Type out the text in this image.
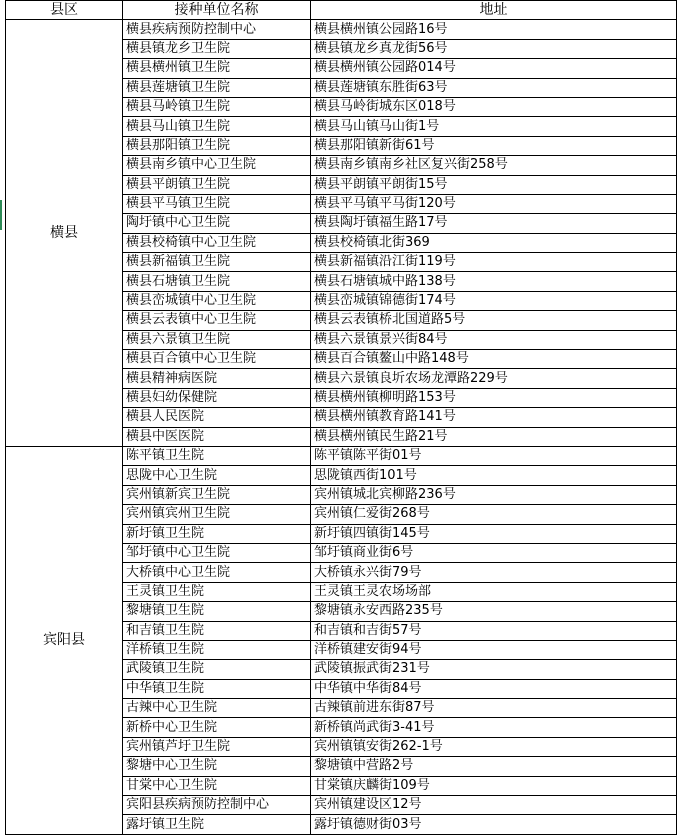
县区	接种单位名称	地址
横县	横县疾病预防控制中心	横县横州镇公园路16号
	横县镇龙乡卫生院	横县镇龙乡真龙街56号
	横县横州镇卫生院	横县横州镇公园路014号
	横县莲塘镇卫生院	横县莲塘镇东胜街63号
	横县马岭镇卫生院	横县马岭街城东区018号
	横县马山镇卫生院	横县马山镇马山街1号
	横县那阳镇卫生院	横县那阳镇新街61号
	横县南乡镇中心卫生院	横县南乡镇南乡社区复兴街258号
	横县平朗镇卫生院	横县平朗镇平朗街15号
	横县平马镇卫生院	横县平马镇平马街120号
	陶圩镇中心卫生院	横县陶圩镇福生路17号
	横县校椅镇中心卫生院	横县校椅镇北街369
	横县新福镇卫生院	横县新福镇沿江街119号
	横县石塘镇卫生院	横县石塘镇城中路138号
	横县峦城镇中心卫生院	横县峦城镇锦德街174号
	横县云表镇中心卫生院	横县云表镇桥北国道路5号
	横县六景镇卫生院	横县六景镇景兴街84号
	横县百合镇中心卫生院	横县百合镇鳌山中路148号
	横县精神病医院	横县六景镇良圻农场龙潭路229号
	横县妇幼保健院	横县横州镇柳明路153号
	横县人民医院	横县横州镇教育路141号
	横县中医医院	横县横州镇民生路21号
宾阳县	陈平镇卫生院	陈平镇陈平街01号
	思陇中心卫生院	思陇镇西街101号
	宾州镇新宾卫生院	宾州镇城北宾柳路236号
	宾州镇宾州卫生院	宾州镇仁爱街268号
	新圩镇卫生院	新圩镇四镇街145号
	邹圩镇中心卫生院	邹圩镇商业街6号
	大桥镇中心卫生院	大桥镇永兴街79号
	王灵镇卫生院	王灵镇王灵农场场部
	黎塘镇卫生院	黎塘镇永安西路235号
	和吉镇卫生院	和吉镇和吉街57号
	洋桥镇卫生院	洋桥镇建安街94号
	武陵镇卫生院	武陵镇振武街231号
	中华镇卫生院	中华镇中华街84号
	古辣中心卫生院	古辣镇前进东街87号
	新桥中心卫生院	新桥镇尚武街3-41号
	宾州镇芦圩卫生院	宾州镇镇安街262-1号
	黎塘中心卫生院	黎塘镇中营路2号
	甘棠中心卫生院	甘棠镇庆麟街109号
	宾阳县疾病预防控制中心	宾州镇建设区12号
	露圩镇卫生院	露圩镇德财街03号
